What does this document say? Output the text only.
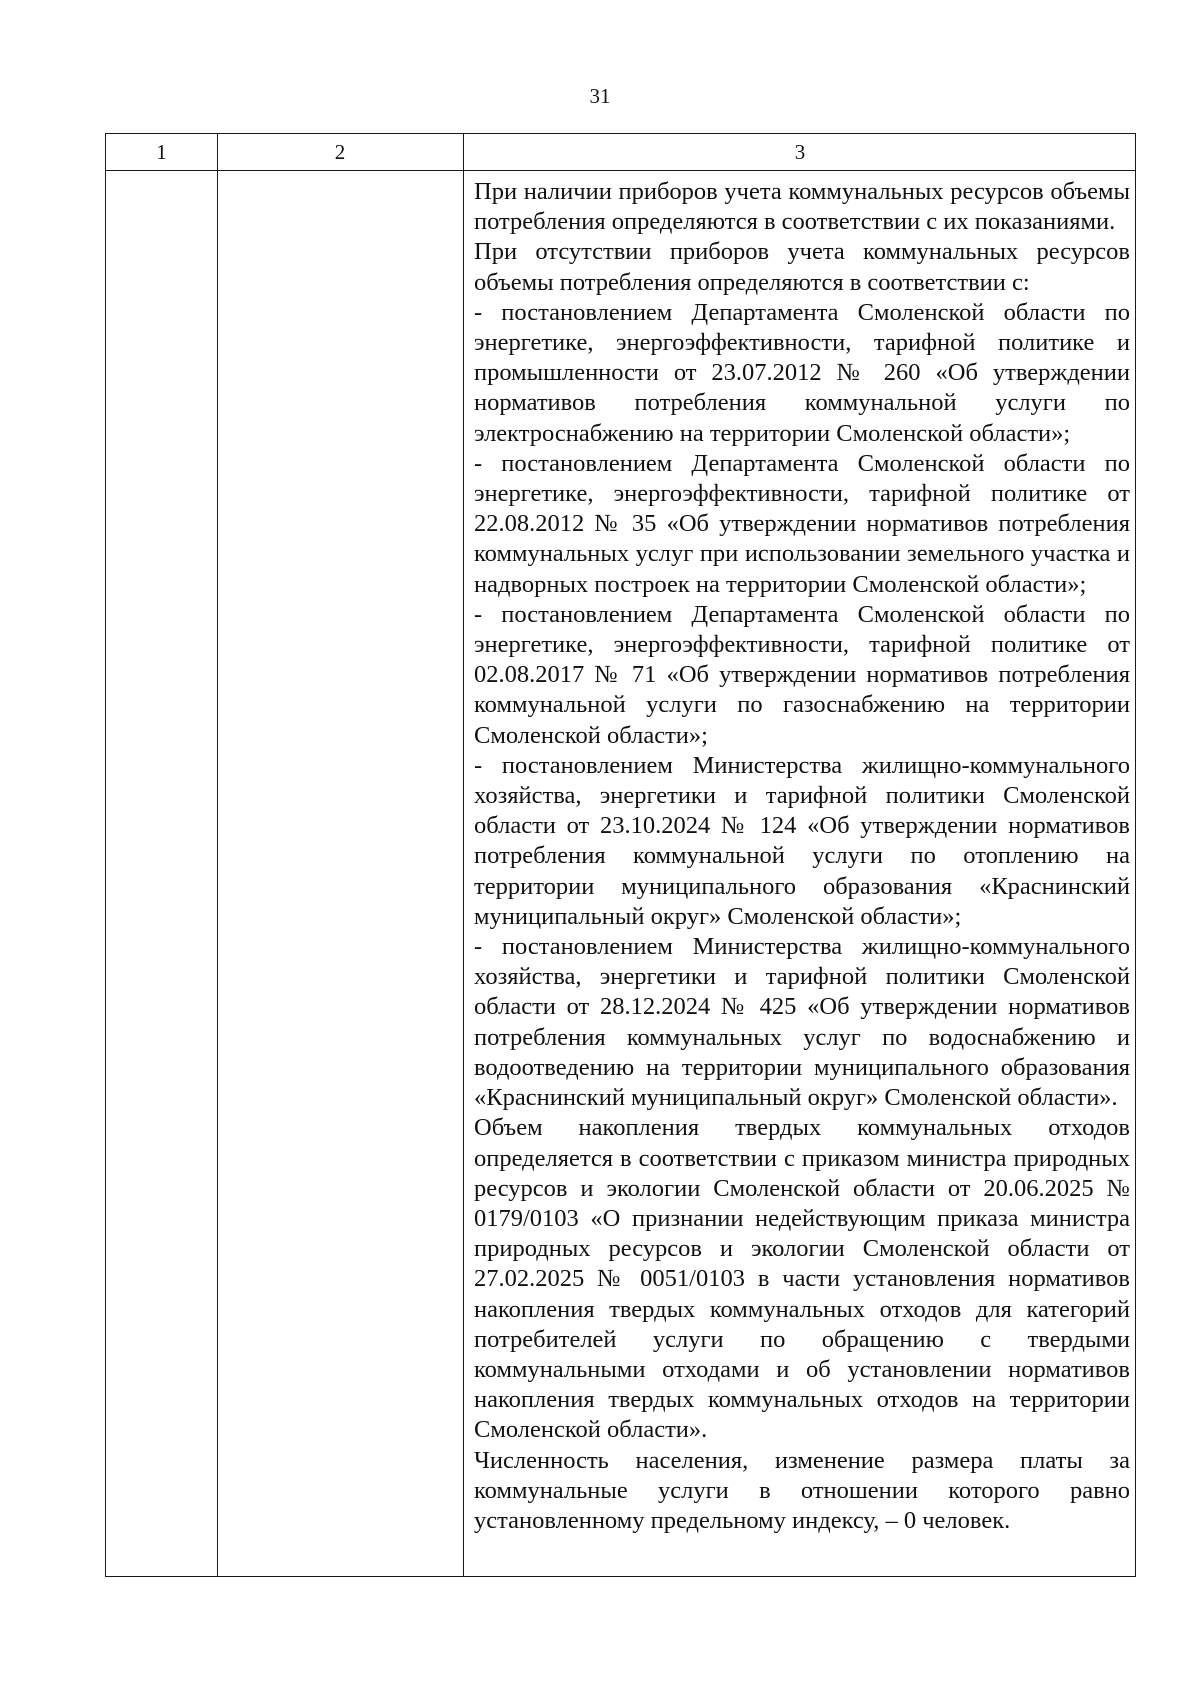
31
1	2	3

При наличии приборов учета коммунальных ресурсов объемы потребления определяются в соответствии с их показаниями.

При отсутствии приборов учета коммунальных ресурсов объемы потребления определяются в соответствии с:

- постановлением Департамента Смоленской области по энергетике, энергоэффективности, тарифной политике и промышленности от 23.07.2012 № 260 «Об утверждении нормативов потребления коммунальной услуги по электроснабжению на территории Смоленской области»;

- постановлением Департамента Смоленской области по энергетике, энергоэффективности, тарифной политике от 22.08.2012 № 35 «Об утверждении нормативов потребления коммунальных услуг при использовании земельного участка и надворных построек на территории Смоленской области»;

- постановлением Департамента Смоленской области по энергетике, энергоэффективности, тарифной политике от 02.08.2017 № 71 «Об утверждении нормативов потребления коммунальной услуги по газоснабжению на территории Смоленской области»;

- постановлением Министерства жилищно-коммунального хозяйства, энергетики и тарифной политики Смоленской области от 23.10.2024 № 124 «Об утверждении нормативов потребления коммунальной услуги по отоплению на территории муниципального образования «Краснинский муниципальный округ» Смоленской области»;

- постановлением Министерства жилищно-коммунального хозяйства, энергетики и тарифной политики Смоленской области от 28.12.2024 № 425 «Об утверждении нормативов потребления коммунальных услуг по водоснабжению и водоотведению на территории муниципального образования «Краснинский муниципальный округ» Смоленской области».

Объем накопления твердых коммунальных отходов определяется в соответствии с приказом министра природных ресурсов и экологии Смоленской области от 20.06.2025 № 0179/0103 «О признании недействующим приказа министра природных ресурсов и экологии Смоленской области от 27.02.2025 № 0051/0103 в части установления нормативов накопления твердых коммунальных отходов для категорий потребителей услуги по обращению с твердыми коммунальными отходами и об установлении нормативов накопления твердых коммунальных отходов на территории Смоленской области».

Численность населения, изменение размера платы за коммунальные услуги в отношении которого равно установленному предельному индексу, – 0 человек.
